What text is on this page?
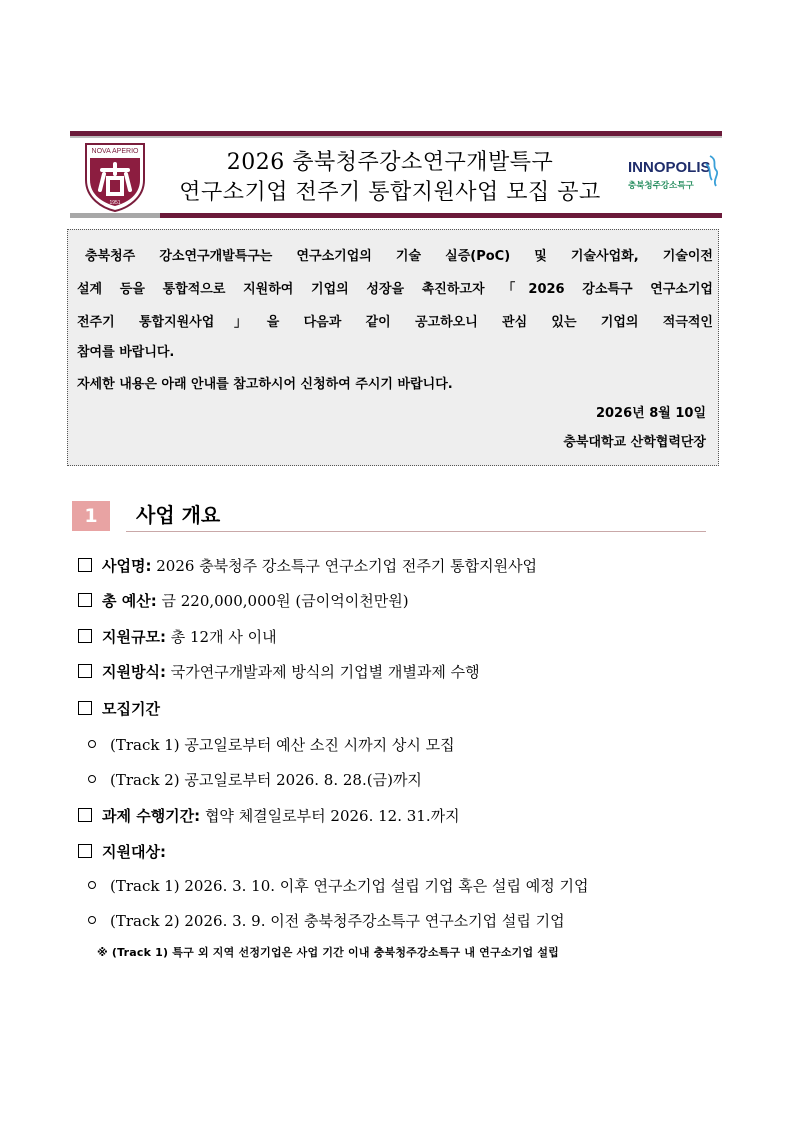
NOVA APERIO
1951
2026 충북청주강소연구개발특구
연구소기업 전주기 통합지원사업 모집 공고
INNOPOLIS
충북청주강소특구

충북청주 강소연구개발특구는 연구소기업의 기술 실증(PoC) 및 기술사업화, 기술이전

설계 등을 통합적으로 지원하여 기업의 성장을 촉진하고자 「2026 강소특구 연구소기업

전주기 통합지원사업」을 다음과 같이 공고하오니 관심 있는 기업의 적극적인

참여를 바랍니다.

자세한 내용은 아래 안내를 참고하시어 신청하여 주시기 바랍니다.

2026년 8월 10일

충북대학교 산학협력단장

1	사업 개요
사업명: 2026 충북청주 강소특구 연구소기업 전주기 통합지원사업
총 예산: 금 220,000,000원 (금이억이천만원)
지원규모: 총 12개 사 이내
지원방식: 국가연구개발과제 방식의 기업별 개별과제 수행
모집기간
(Track 1) 공고일로부터 예산 소진 시까지 상시 모집
(Track 2) 공고일로부터 2026. 8. 28.(금)까지
과제 수행기간: 협약 체결일로부터 2026. 12. 31.까지
지원대상:
(Track 1) 2026. 3. 10. 이후 연구소기업 설립 기업 혹은 설립 예정 기업
(Track 2) 2026. 3. 9. 이전 충북청주강소특구 연구소기업 설립 기업
※ (Track 1) 특구 외 지역 선정기업은 사업 기간 이내 충북청주강소특구 내 연구소기업 설립
